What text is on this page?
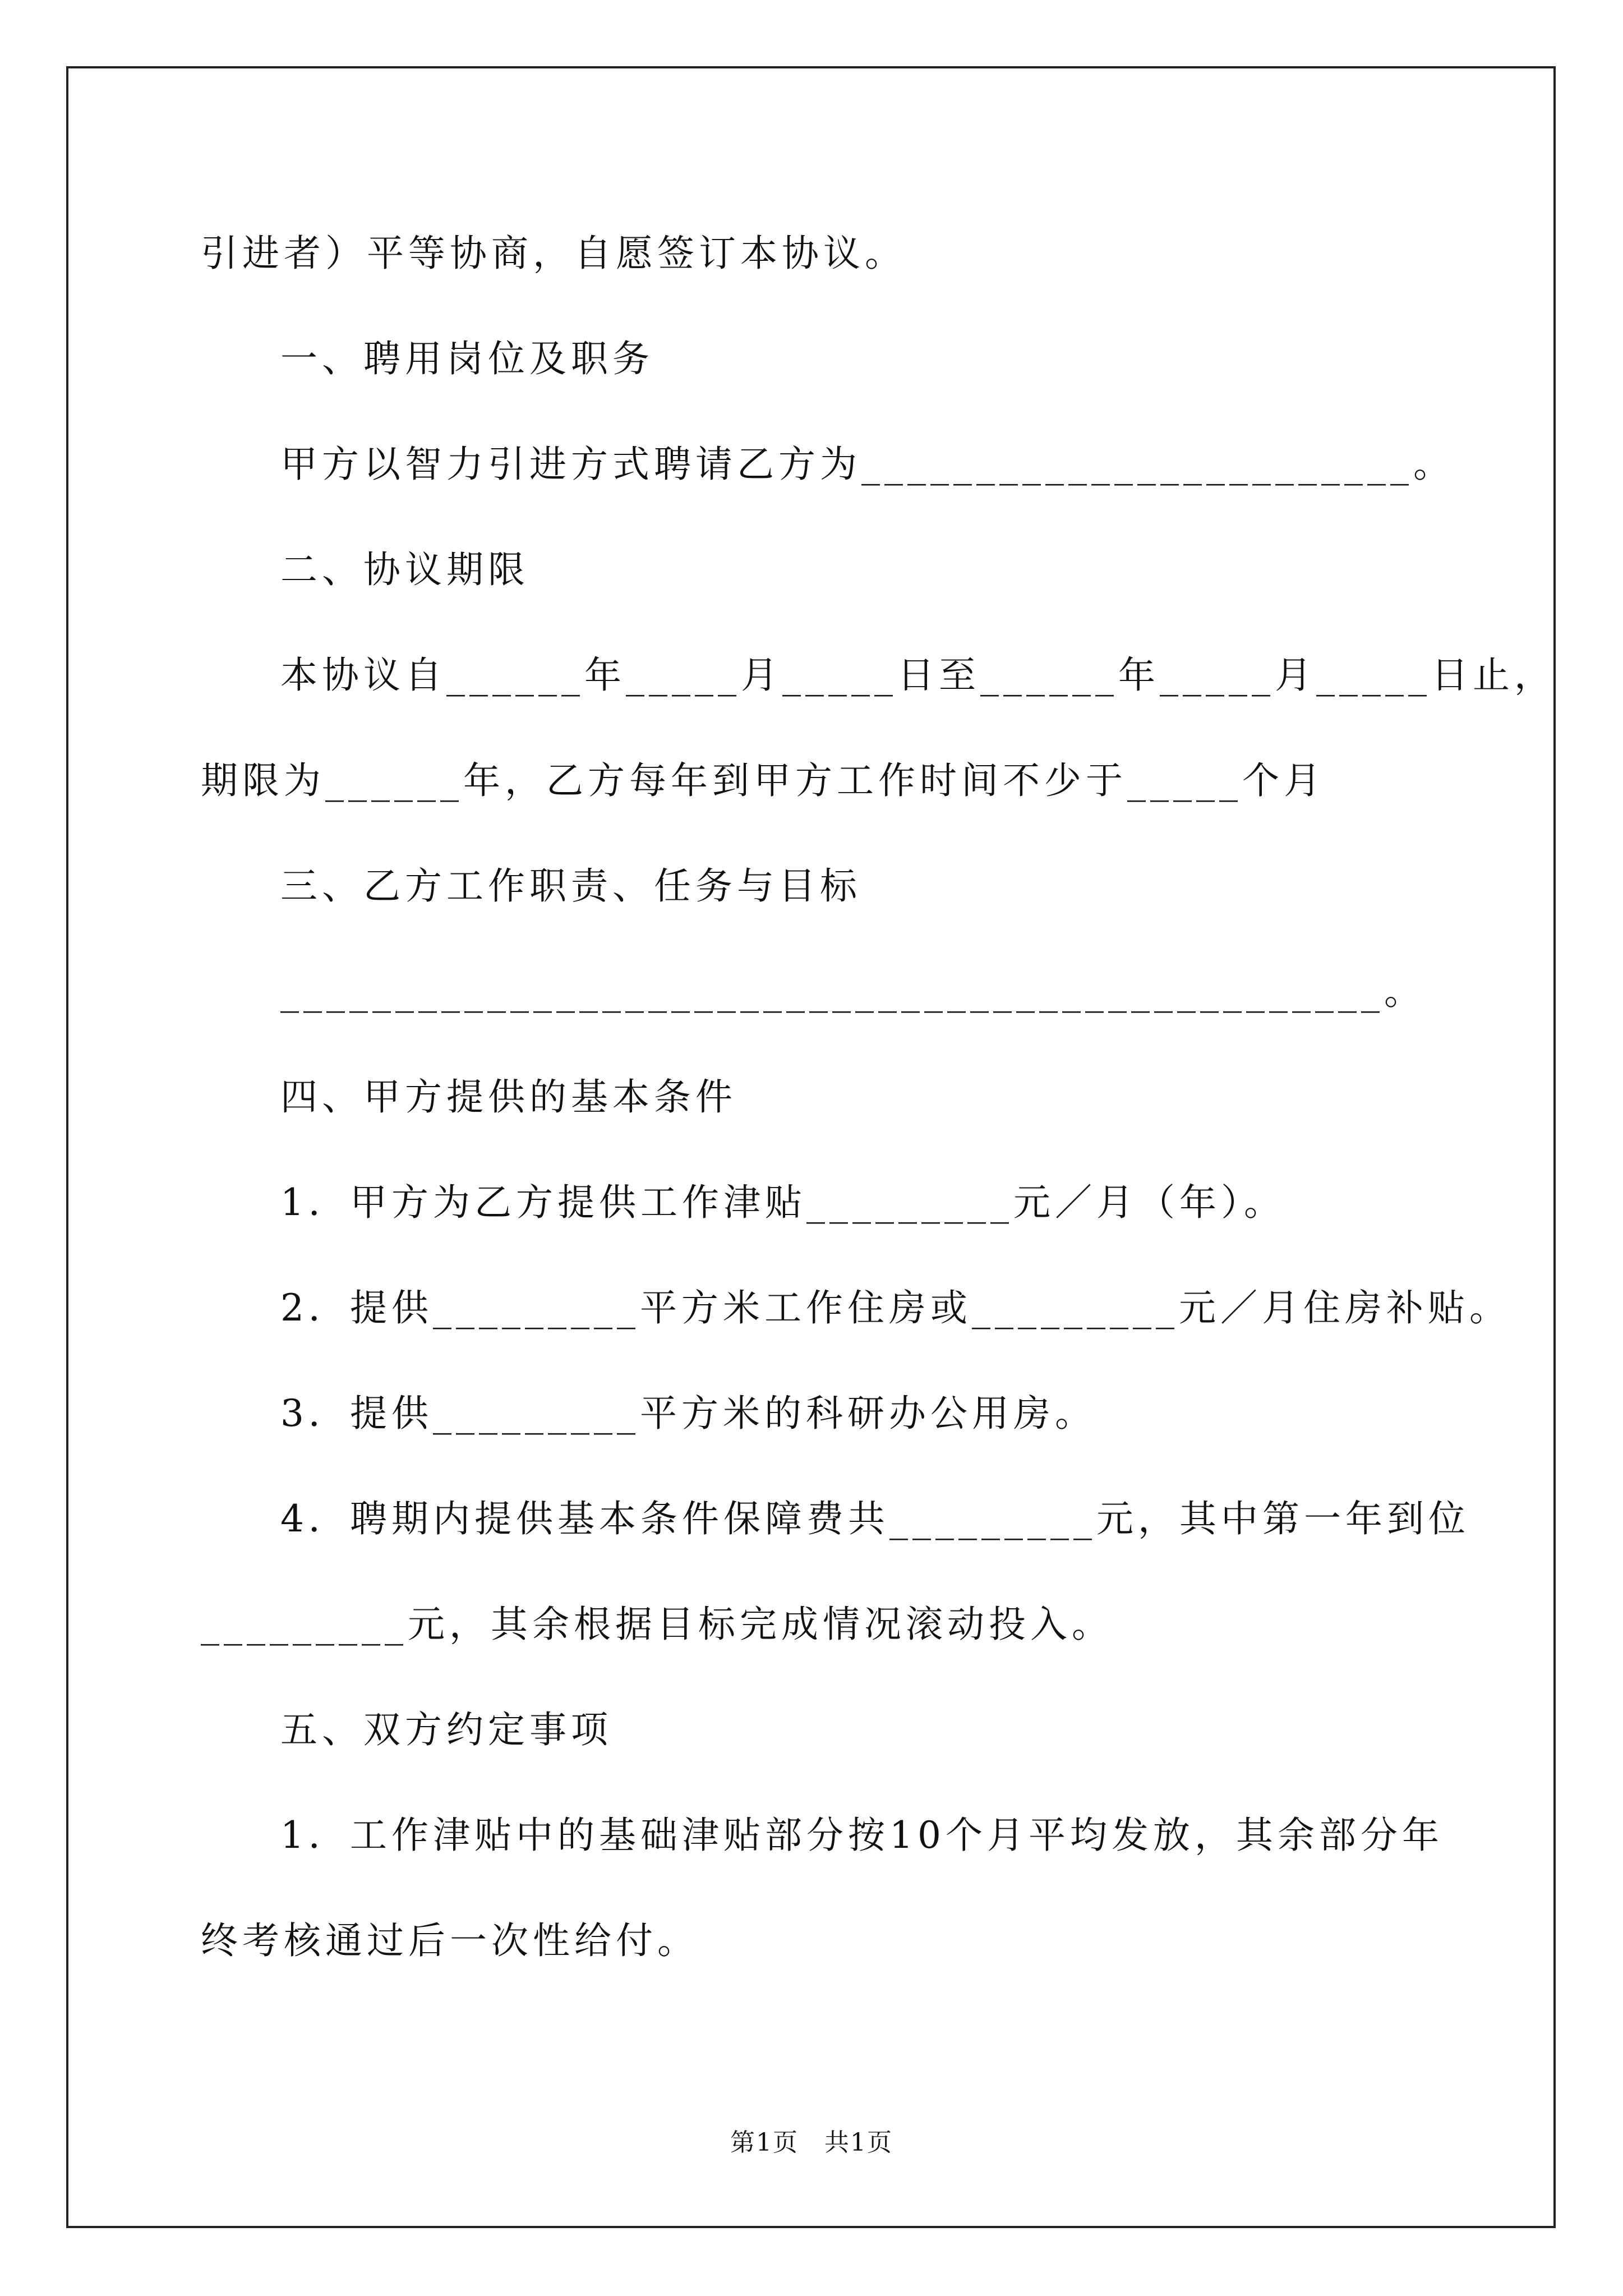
引进者）平等协商，自愿签订本协议。
一、聘用岗位及职务
甲方以智力引进方式聘请乙方为________________________。
二、协议期限
本协议自______年_____月_____日至______年_____月_____日止，
期限为______年，乙方每年到甲方工作时间不少于_____个月
三、乙方工作职责、任务与目标
________________________________________________。
四、甲方提供的基本条件
1．甲方为乙方提供工作津贴_________元／月（年）。
2．提供_________平方米工作住房或_________元／月住房补贴。
3．提供_________平方米的科研办公用房。
4．聘期内提供基本条件保障费共_________元，其中第一年到位
_________元，其余根据目标完成情况滚动投入。
五、双方约定事项
1．工作津贴中的基础津贴部分按10个月平均发放，其余部分年
终考核通过后一次性给付。
第1页　共1页
